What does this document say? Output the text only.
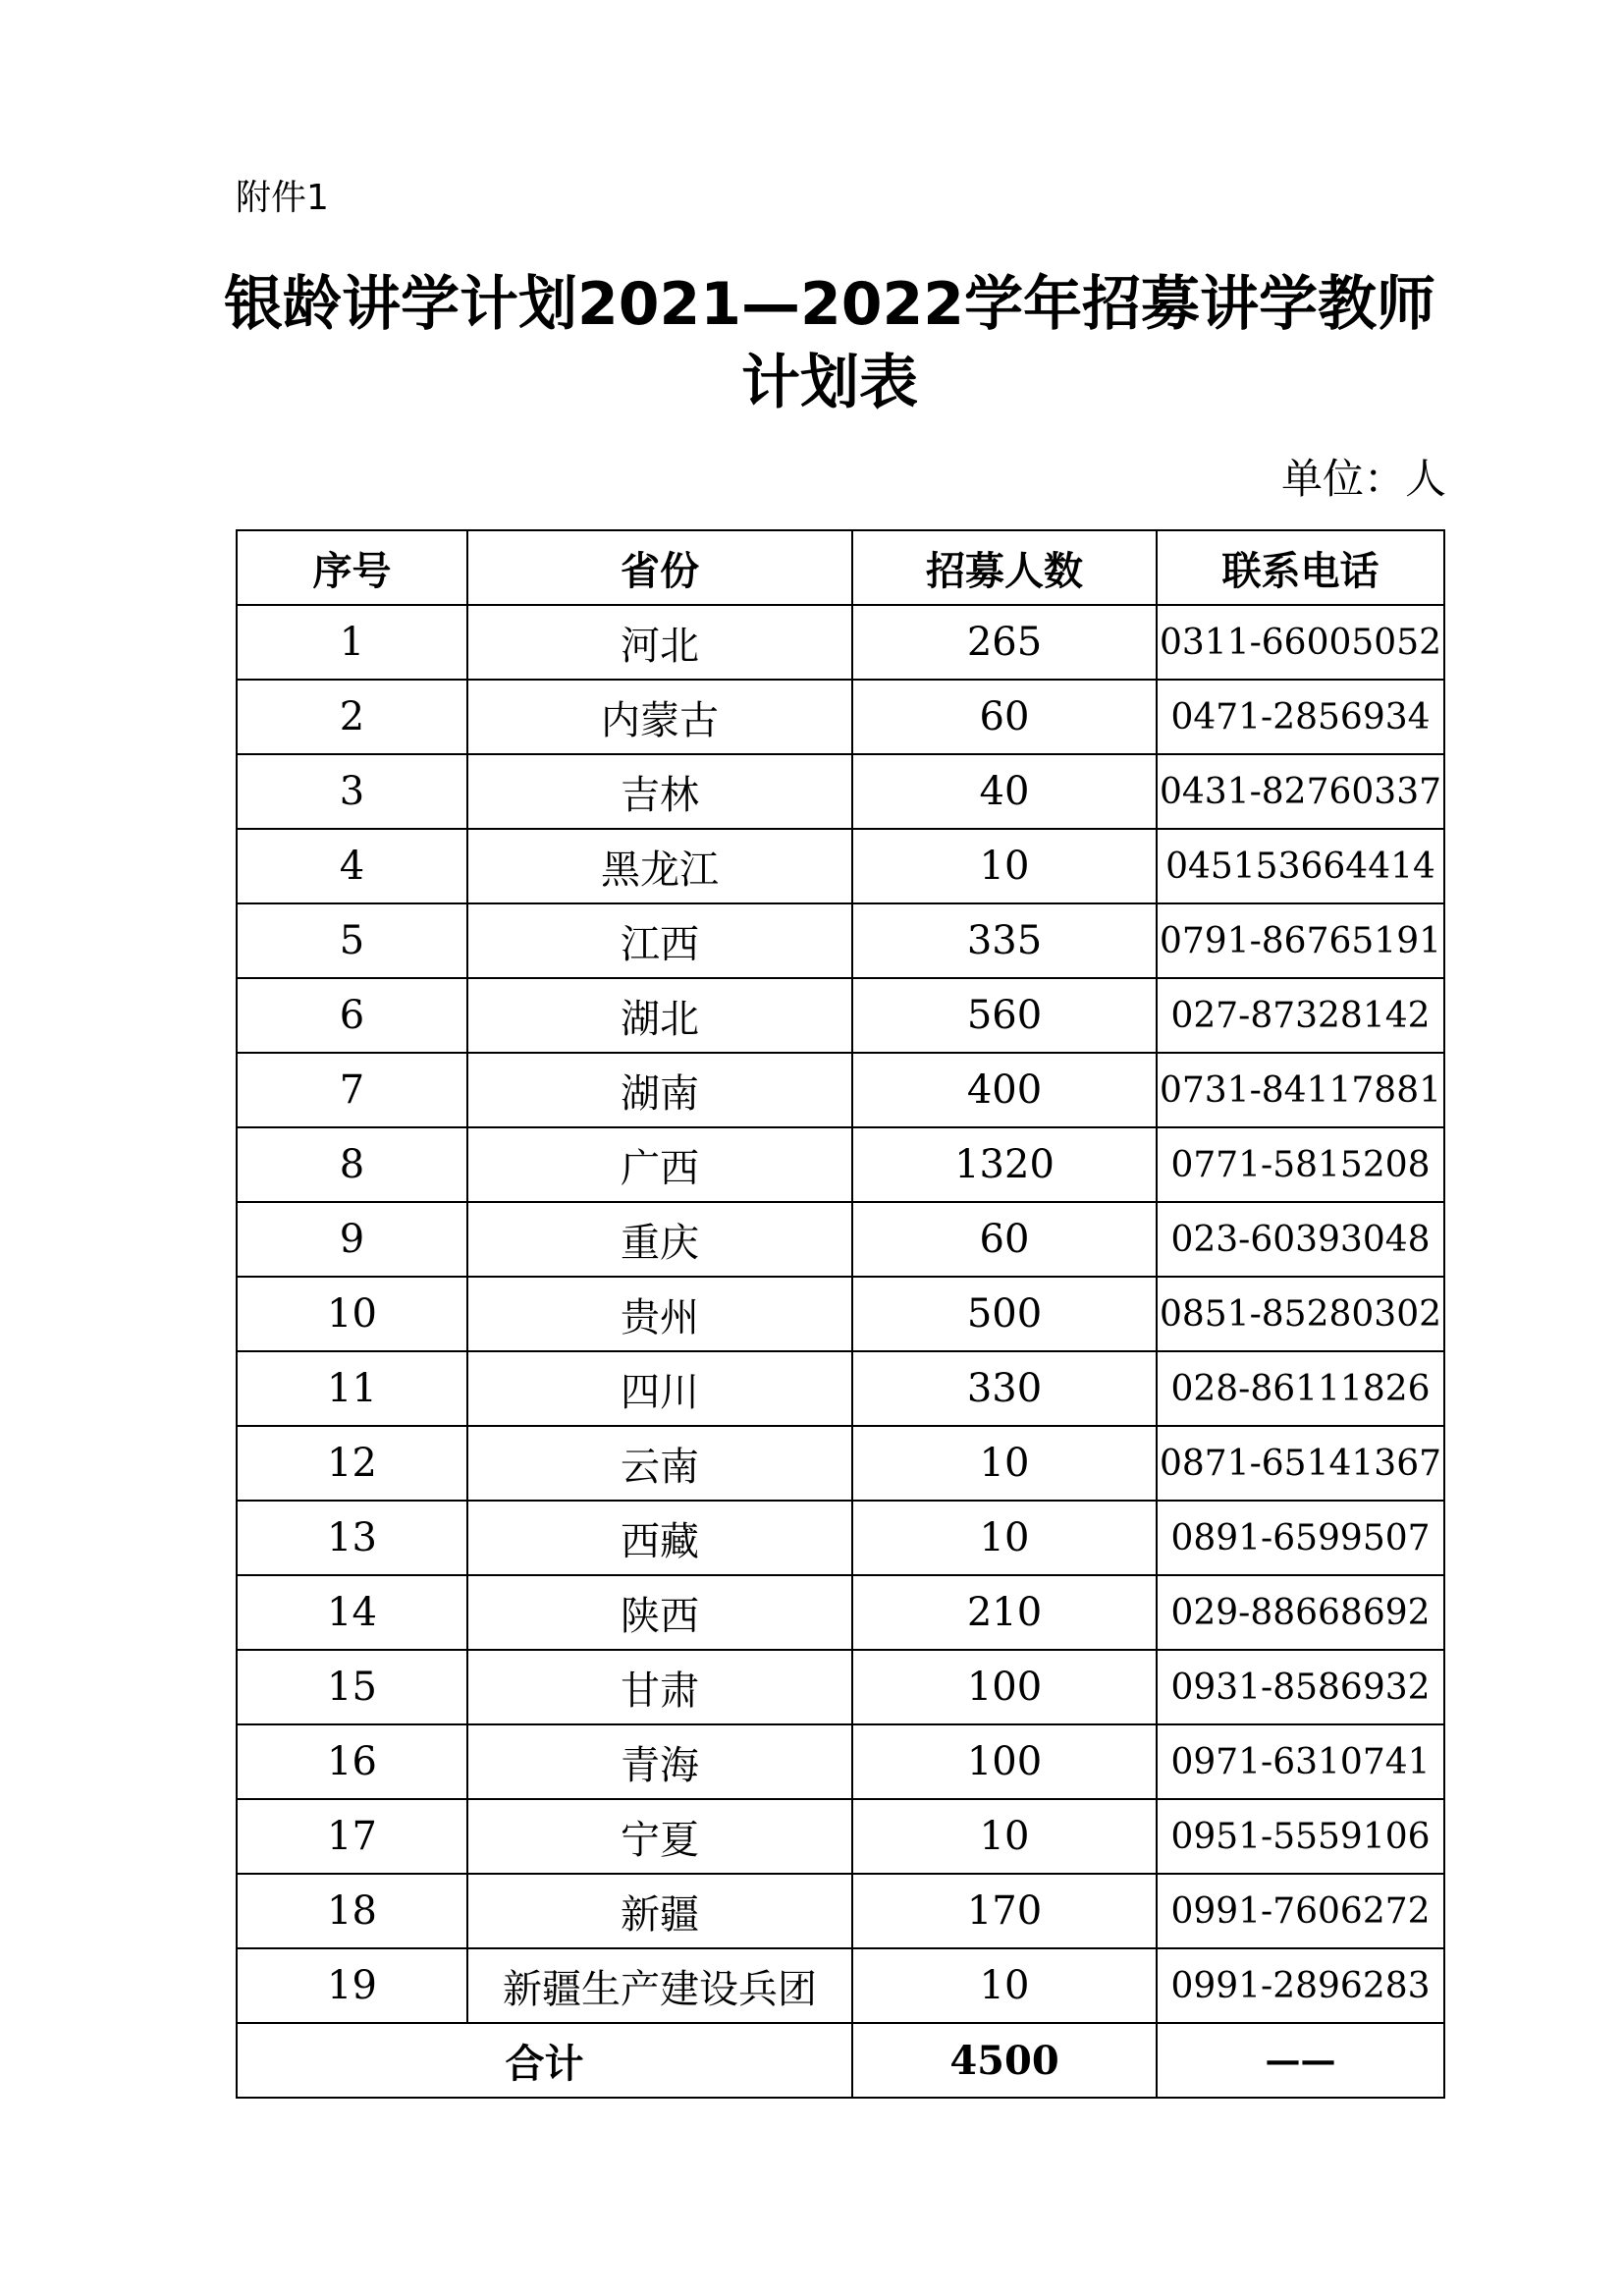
附件1
银龄讲学计划2021—2022学年招募讲学教师
计划表
单位：人
序号	省份	招募人数	联系电话
1	河北	265	0311-66005052
2	内蒙古	60	0471-2856934
3	吉林	40	0431-82760337
4	黑龙江	10	045153664414
5	江西	335	0791-86765191
6	湖北	560	027-87328142
7	湖南	400	0731-84117881
8	广西	1320	0771-5815208
9	重庆	60	023-60393048
10	贵州	500	0851-85280302
11	四川	330	028-86111826
12	云南	10	0871-65141367
13	西藏	10	0891-6599507
14	陕西	210	029-88668692
15	甘肃	100	0931-8586932
16	青海	100	0971-6310741
17	宁夏	10	0951-5559106
18	新疆	170	0991-7606272
19	新疆生产建设兵团	10	0991-2896283
合计		4500	——
